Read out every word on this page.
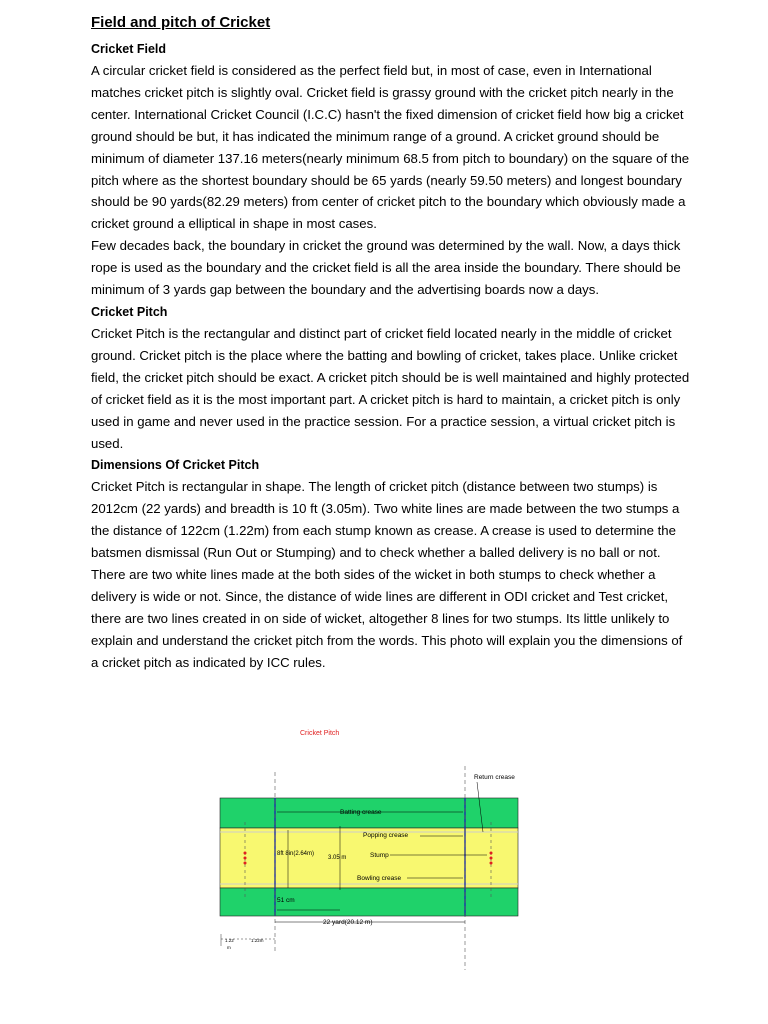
Field and pitch of Cricket
Cricket Field

A circular cricket field is considered as the perfect field but, in most of case, even in International matches cricket pitch is slightly oval. Cricket field is grassy ground with the cricket pitch nearly in the center. International Cricket Council (I.C.C) hasn't the fixed dimension of cricket field how big a cricket ground should be but, it has indicated the minimum range of a ground. A cricket ground should be minimum of diameter 137.16 meters(nearly minimum 68.5 from pitch to boundary) on the square of the pitch where as the shortest boundary should be 65 yards (nearly 59.50 meters) and longest boundary should be 90 yards(82.29 meters) from center of cricket pitch to the boundary which obviously made a cricket ground a elliptical in shape in most cases.

Few decades back, the boundary in cricket the ground was determined by the wall. Now, a days thick rope is used as the boundary and the cricket field is all the area inside the boundary. There should be minimum of 3 yards gap between the boundary and the advertising boards now a days.

Cricket Pitch

Cricket Pitch is the rectangular and distinct part of cricket field located nearly in the middle of cricket ground. Cricket pitch is the place where the batting and bowling of cricket, takes place. Unlike cricket field, the cricket pitch should be exact. A cricket pitch should be is well maintained and highly protected of cricket field as it is the most important part. A cricket pitch is hard to maintain, a cricket pitch is only used in game and never used in the practice session. For a practice session, a virtual cricket pitch is used.

Dimensions Of Cricket Pitch

Cricket Pitch is rectangular in shape. The length of cricket pitch (distance between two stumps) is 2012cm (22 yards) and breadth is 10 ft (3.05m). Two white lines are made between the two stumps a the distance of 122cm (1.22m) from each stump known as crease. A crease is used to determine the batsmen dismissal (Run Out or Stumping) and to check whether a balled delivery is no ball or not. There are two white lines made at the both sides of the wicket in both stumps to check whether a delivery is wide or not. Since, the distance of wide lines are different in ODI cricket and Test cricket, there are two lines created in on side of wicket, altogether 8 lines for two stumps. Its little unlikely to explain and understand the cricket pitch from the words. This photo will explain you the dimensions of a cricket pitch as indicated by ICC rules.

Cricket Pitch
Return crease
Batting crease
Popping crease
Stump
Bowling crease
8ft 8in(2.64m)
3.05 m
51 cm
22 yard(20.12 m)
1.22
m
1.22m
